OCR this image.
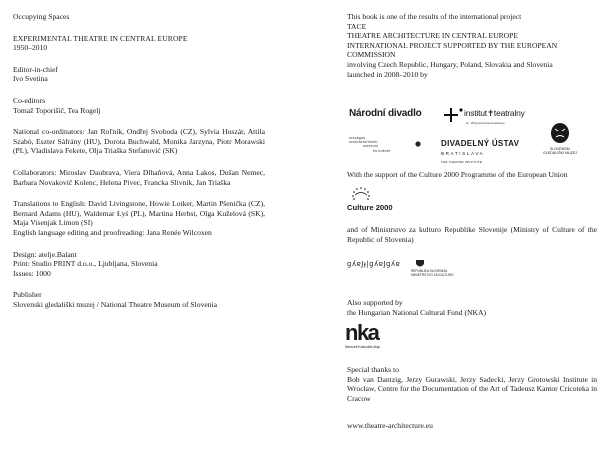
Occupying Spaces

EXPERIMENTAL THEATRE IN CENTRAL EUROPE

1950–2010

Editor-in-chief

Ivo Svetina

Co-editors

Tomaž Toporišič, Tea Rogelj

National co-ordinators: Jan Roľník, Ondřej Svoboda (CZ), Sylvia Huszár, Attila Szabó, Eszter Sáfrány (HU), Dorota Buchwald, Monika Jarzyna, Piotr Morawski (PL), Vladislava Fekete, Olja Triaška Stefanović (SK)

Collaborators: Miroslav Daubrava, Viera Dlhaňová, Anna Lakos, Dušan Nemec, Barbara Novakovič Kolenc, Helena Pivec, Francka Slivnik, Jan Triaška

Translations to English: David Livingstone, Howie Lotker, Martin Pšenička (CZ), Bernard Adams (HU), Waldemar Łyś (PL), Martina Herbst, Olga Kuželová (SK), Maja Visenjak Limon (SI)

English language editing and proofreading: Jana Renée Wilcoxen

Design: atelje.Balant

Print: Studio PRINT d.o.o., Ljubljana, Slovenia

Issues: 1000

Publisher

Slovenski gledališki muzej / National Theatre Museum of Slovenia

This book is one of the results of the international project

TACE

THEATRE ARCHITECTURE IN CENTRAL EUROPE

INTERNATIONAL PROJECT SUPPORTED BY THE EUROPEAN COMMISSION

involving Czech Republic, Hungary, Poland, Slovakia and Slovenia

launched in 2008–2010 by

Národní divadlo	institut✝teatralny
im. Zbigniewa Raszewskiego
országos
színháztörténeti
múzeum
és intézet
DIVADELNÝ ÚSTAV
BRATISLAVA
THE THEATRE INSTITUTE
SLOVENSKI
GLEDALIŠKI MUZEJ

With the support of the Culture 2000 Programme of the European Union

Culture 2000

and of Ministrstvo za kulturo Republike Slovenije (Ministry of Culture of the Republic of Slovenia)

ɡʎɐJɟ|ɡʎɐJɡʎɐ
REPUBLIKA SLOVENIJA
MINISTRSTVO ZA KULTURO

Also supported by

the Hungarian National Cultural Fund (NKA)

nka
Nemzeti Kulturális Alap

Special thanks to

Bob van Dantzig, Jerzy Gurawski, Jerzy Sadecki, Jerzy Grotowski Institute in Wrocław, Centre for the Documentation of the Art of Tadeusz Kantor Cricoteka in Cracow

www.theatre-architecture.eu
